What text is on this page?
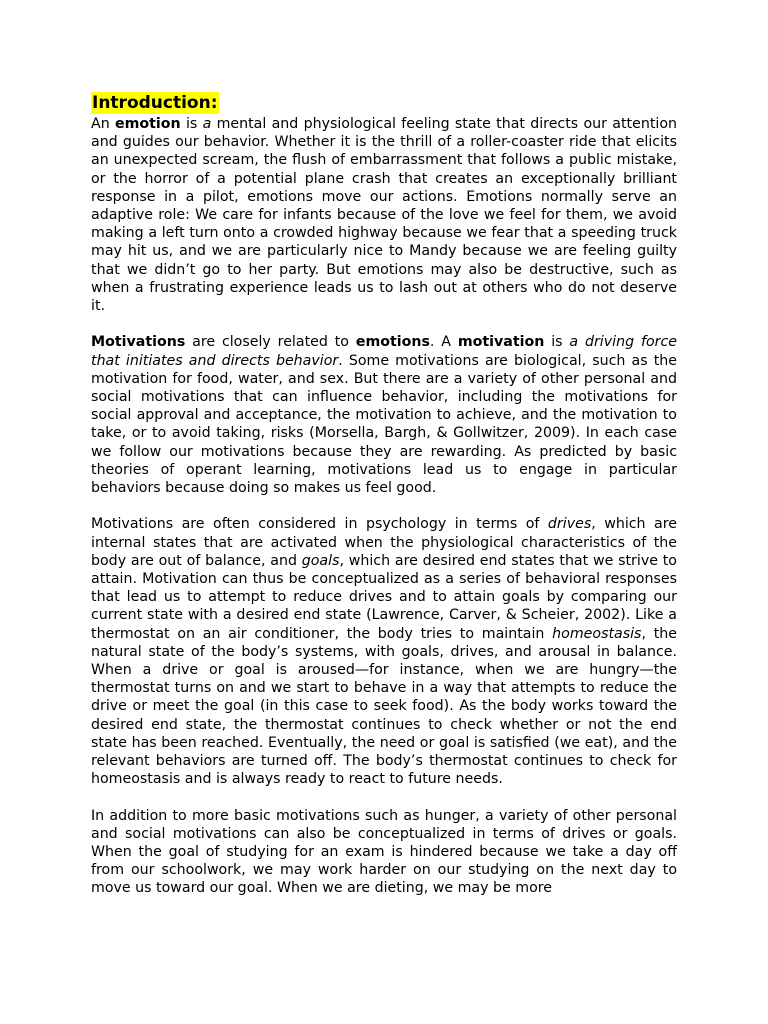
Introduction:

An emotion is a mental and physiological feeling state that directs our attention and guides our behavior. Whether it is the thrill of a roller-coaster ride that elicits an unexpected scream, the flush of embarrassment that follows a public mistake, or the horror of a potential plane crash that creates an exceptionally brilliant response in a pilot, emotions move our actions. Emotions normally serve an adaptive role: We care for infants because of the love we feel for them, we avoid making a left turn onto a crowded highway because we fear that a speeding truck may hit us, and we are particularly nice to Mandy because we are feeling guilty that we didn’t go to her party. But emotions may also be destructive, such as when a frustrating experience leads us to lash out at others who do not deserve it.

Motivations are closely related to emotions. A motivation is a driving force that initiates and directs behavior. Some motivations are biological, such as the motivation for food, water, and sex. But there are a variety of other personal and social motivations that can influence behavior, including the motivations for social approval and acceptance, the motivation to achieve, and the motivation to take, or to avoid taking, risks (Morsella, Bargh, & Gollwitzer, 2009). In each case we follow our motivations because they are rewarding. As predicted by basic theories of operant learning, motivations lead us to engage in particular behaviors because doing so makes us feel good.

Motivations are often considered in psychology in terms of drives, which are internal states that are activated when the physiological characteristics of the body are out of balance, and goals, which are desired end states that we strive to attain. Motivation can thus be conceptualized as a series of behavioral responses that lead us to attempt to reduce drives and to attain goals by comparing our current state with a desired end state (Lawrence, Carver, & Scheier, 2002). Like a thermostat on an air conditioner, the body tries to maintain homeostasis, the natural state of the body’s systems, with goals, drives, and arousal in balance. When a drive or goal is aroused—for instance, when we are hungry—the thermostat turns on and we start to behave in a way that attempts to reduce the drive or meet the goal (in this case to seek food). As the body works toward the desired end state, the thermostat continues to check whether or not the end state has been reached. Eventually, the need or goal is satisfied (we eat), and the relevant behaviors are turned off. The body’s thermostat continues to check for homeostasis and is always ready to react to future needs.

In addition to more basic motivations such as hunger, a variety of other personal and social motivations can also be conceptualized in terms of drives or goals. When the goal of studying for an exam is hindered because we take a day off from our schoolwork, we may work harder on our studying on the next day to move us toward our goal. When we are dieting, we may be more
